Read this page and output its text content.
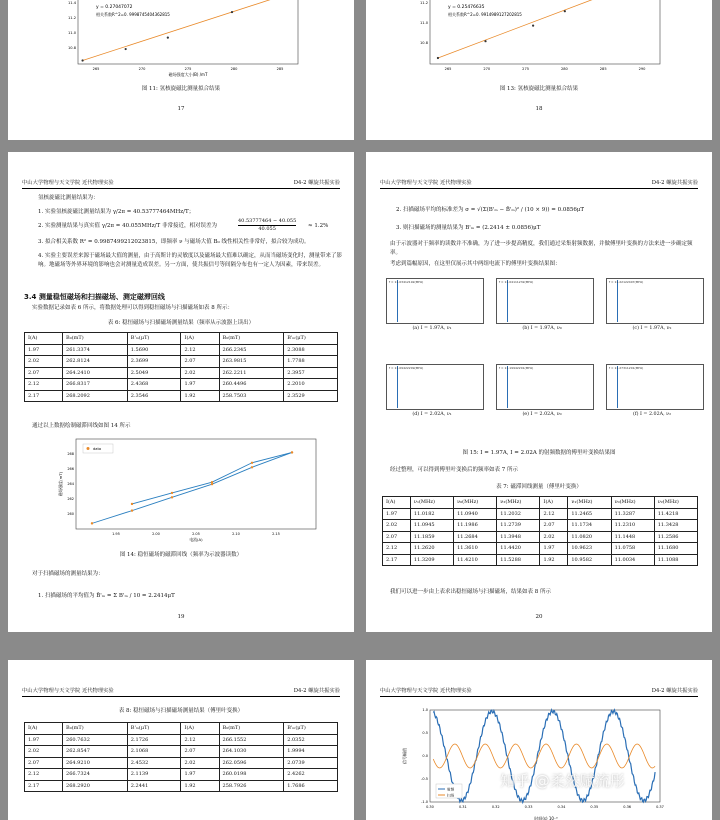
y = 0.27047072
相关系数R^2=0. 9998745404362815
265	270	275	280	285
11.4
11.2
11.0
10.8
磁场强度大小(B) /mT
图 11: 氢核旋磁比测量拟合结果
17
y = 0.25476635
相关系数R^2=0. 9914989127202815
265	270	275	280	285	290
11.2
11.0
10.8
图 13: 氢核旋磁比测量拟合结果
18
中山大学物理与天文学院 近代物理实验	D4-2 螺旋共振实验
氢核旋磁比测量结果为：
1. 实验氢核旋磁比测量结果为 γ/2π = 40.53777464MHz/T；
2. 实验测量结果与真实值 γ/2π = 40.055MHz/T 非常接近，相对误差为	$\frac{40.53777464 - 40.055}{40.055} \approx 1.2\%$
3. 拟合相关系数 R² = 0.9987499212023815，即频率 ν 与磁场大值 B₀ 线性相关性非常好，拟合较为成功。
4. 实验主要误差来源于磁场最大值的测量，由于高斯计的灵敏度以及磁场最大值难以确定，从而当磁场变化时，测量带来了影响。地磁场等外界环境的影响也会对测量造成误差。另一方面，使共振信号等间隔分布也有一定人为因素，带来误差。
3.4 测量稳恒磁场和扫描磁场、测定磁滞回线
实验数据记录如表 6 所示，将数据处理可以得到稳恒磁场与扫描磁场如表 8 所示：
表 6: 稳恒磁场与扫描磁场测量结果（频率从示波器上读出）
I(A)	B₀(mT)	B'ₘ(μT)	I(A)	B₀(mT)	B'ₘ(μT)
1.97	261.3374	1.5690	2.12	266.2345	2.3088
2.02	262.8124	2.3699	2.07	263.9815	1.7788
2.07	264.2410	2.5049	2.02	262.2211	2.3957
2.12	266.8317	2.4368	1.97	260.4496	2.2010
2.17	268.2092	2.3546	1.92	258.7503	2.3529
通过以上数据绘制磁滞回线如图 14 所示
1.95	2.00	2.05	2.10	2.15
260
262
264
266
268
电流(A)
磁场强度(mT)
data
图 14: 稳恒磁场的磁滞回线（频率为示波器读数）
对于扫描磁场的测量结果为：
1. 扫描磁场的平均值为 B̄'ₘ = Σ B'ₘ / 10 = 2.2414μT
19
中山大学物理与天文学院 近代物理实验	D4-2 螺旋共振实验
2. 扫描磁场平均的标准差为 σ = √(Σ(B'ₘ − B̄'ₘ)² / (10 × 9)) = 0.0856μT
3. 则扫描磁场的测量结果为 B'ₘ = (2.2414 ± 0.0856)μT
由于示波器对于频率的读数并不准确，为了进一步提高精度，我们通过采集射频数据，并做傅里叶变换的方法来进一步确定频率。
考虑到篇幅原因，在这里仅展示其中两组电流下的傅里叶变换结果图：
f = 11.03412192(MHz)
(a) I = 1.97A, ν₁
f = 11.04111232(MHz)
(b) I = 1.97A, ν₀
f = 11.22122407(MHz)
(c) I = 1.97A, ν₂
f = 11.09422209(MHz)
(d) I = 2.02A, ν₁
f = 11.19942201(MHz)
(e) I = 2.02A, ν₀
f = 11.27311201(MHz)
(f) I = 2.02A, ν₂
图 15: I = 1.97A, I = 2.02A 的射频数据的傅里叶变换结果图
经过整理，可以得到傅里叶变换后的频率如表 7 所示
表 7: 磁滞回线测量（傅里叶变换）
I(A)	ν₁(MHz)	ν₀(MHz)	ν₂(MHz)	I(A)	ν₁(MHz)	ν₀(MHz)	ν₂(MHz)
1.97	11.0182	11.0940	11.2032	2.12	11.2465	11.3287	11.4218
2.02	11.0945	11.1986	11.2739	2.07	11.1734	11.2310	11.3428
2.07	11.1859	11.2684	11.3948	2.02	11.0820	11.1448	11.2586
2.12	11.2620	11.3610	11.4420	1.97	10.9623	11.0758	11.1680
2.17	11.3209	11.4210	11.5288	1.92	10.9582	11.0034	11.1088
我们可以进一步由上表求出稳恒磁场与扫描磁场，结果如表 8 所示
20
中山大学物理与天文学院 近代物理实验	D4-2 螺旋共振实验
表 8: 稳恒磁场与扫描磁场测量结果（傅里叶变换）
I(A)	B₀(mT)	B'ₘ(μT)	I(A)	B₀(mT)	B'ₘ(μT)
1.97	260.7632	2.1726	2.12	266.1552	2.0352
2.02	262.8547	2.1068	2.07	264.1030	1.9994
2.07	264.9210	2.4532	2.02	262.0596	2.0739
2.12	266.7324	2.1139	1.97	260.0198	2.4262
2.17	268.2920	2.2441	1.92	258.7926	1.7686
中山大学物理与天文学院 近代物理实验	D4-2 螺旋共振实验
0.30	0.31	0.32	0.33	0.34	0.35	0.36	0.37
1.0
0.5
0.0
-0.5
-1.0
信号幅值
时间(s) 10⁻³
射频
扫场
知乎 @柔然赋流彤
